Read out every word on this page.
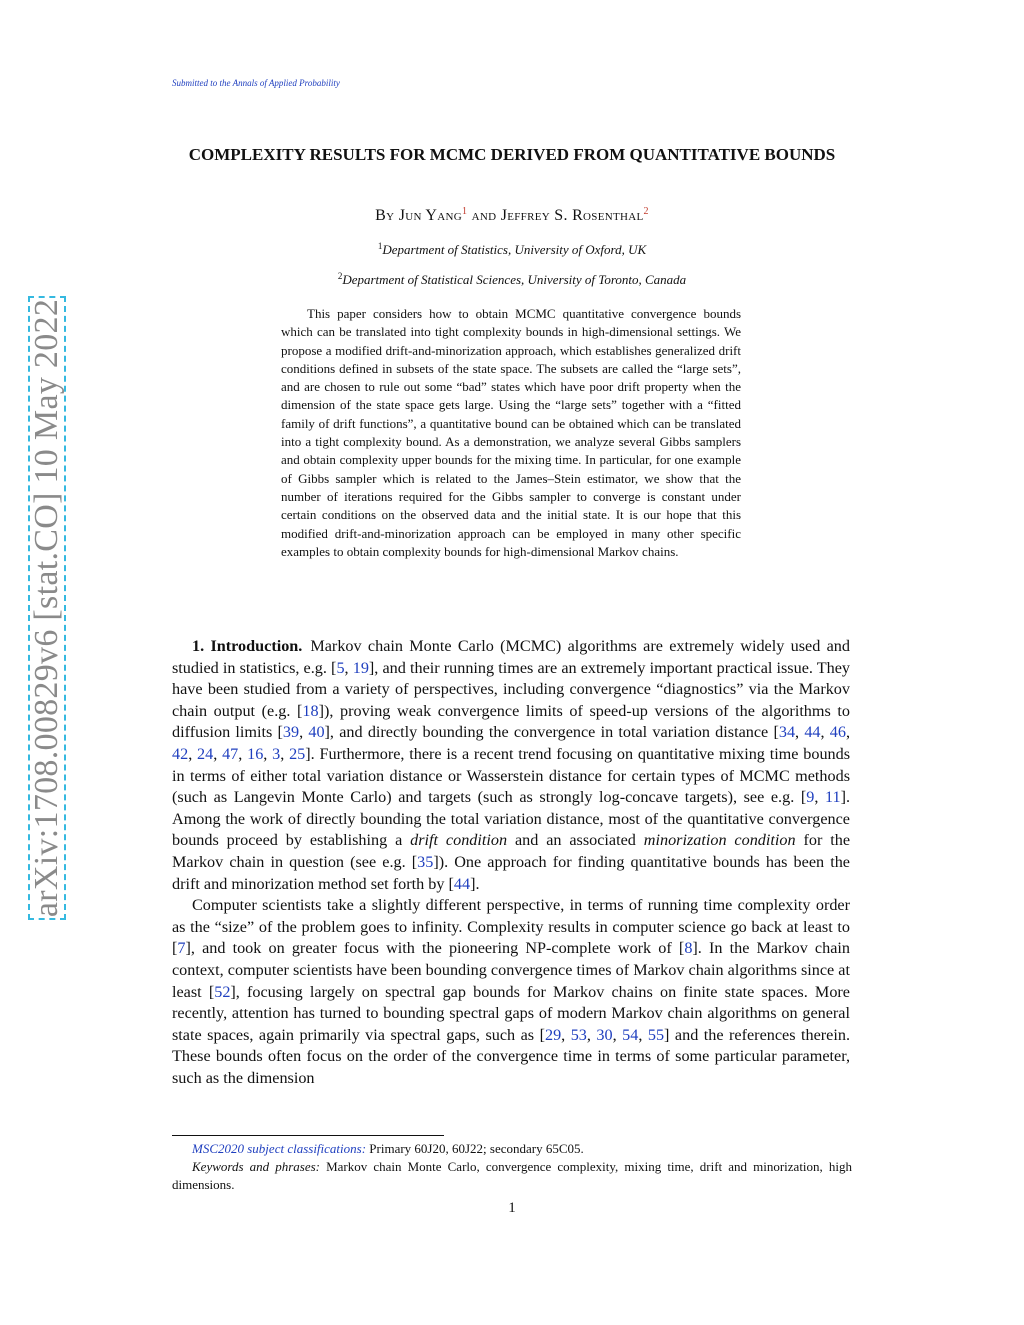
Submitted to the Annals of Applied Probability
arXiv:1708.00829v6 [stat.CO] 10 May 2022
COMPLEXITY RESULTS FOR MCMC DERIVED FROM QUANTITATIVE BOUNDS
By Jun Yang$^1$ and Jeffrey S. Rosenthal$^2$
$^1$Department of Statistics, University of Oxford, UK
$^2$Department of Statistical Sciences, University of Toronto, Canada
This paper considers how to obtain MCMC quantitative convergence bounds which can be translated into tight complexity bounds in high-dimensional settings. We propose a modified drift-and-minorization approach, which establishes generalized drift conditions defined in subsets of the state space. The subsets are called the “large sets”, and are chosen to rule out some “bad” states which have poor drift property when the dimension of the state space gets large. Using the “large sets” together with a “fitted family of drift functions”, a quantitative bound can be obtained which can be translated into a tight complexity bound. As a demonstration, we analyze several Gibbs samplers and obtain complexity upper bounds for the mixing time. In particular, for one example of Gibbs sampler which is related to the James–Stein estimator, we show that the number of iterations required for the Gibbs sampler to converge is constant under certain conditions on the observed data and the initial state. It is our hope that this modified drift-and-minorization approach can be employed in many other specific examples to obtain complexity bounds for high-dimensional Markov chains.

1. Introduction. Markov chain Monte Carlo (MCMC) algorithms are extremely widely used and studied in statistics, e.g. [5, 19], and their running times are an extremely important practical issue. They have been studied from a variety of perspectives, including convergence “diagnostics” via the Markov chain output (e.g. [18]), proving weak convergence limits of speed-up versions of the algorithms to diffusion limits [39, 40], and directly bounding the convergence in total variation distance [34, 44, 46, 42, 24, 47, 16, 3, 25]. Furthermore, there is a recent trend focusing on quantitative mixing time bounds in terms of either total variation distance or Wasserstein distance for certain types of MCMC methods (such as Langevin Monte Carlo) and targets (such as strongly log-concave targets), see e.g. [9, 11]. Among the work of directly bounding the total variation distance, most of the quantitative convergence bounds proceed by establishing a drift condition and an associated minorization condition for the Markov chain in question (see e.g. [35]). One approach for finding quantitative bounds has been the drift and minorization method set forth by [44].

Computer scientists take a slightly different perspective, in terms of running time complexity order as the “size” of the problem goes to infinity. Complexity results in computer science go back at least to [7], and took on greater focus with the pioneering NP-complete work of [8]. In the Markov chain context, computer scientists have been bounding convergence times of Markov chain algorithms since at least [52], focusing largely on spectral gap bounds for Markov chains on finite state spaces. More recently, attention has turned to bounding spectral gaps of modern Markov chain algorithms on general state spaces, again primarily via spectral gaps, such as [29, 53, 30, 54, 55] and the references therein. These bounds often focus on the order of the convergence time in terms of some particular parameter, such as the dimension

MSC2020 subject classifications: Primary 60J20, 60J22; secondary 65C05.
Keywords and phrases: Markov chain Monte Carlo, convergence complexity, mixing time, drift and minorization, high dimensions.
1
